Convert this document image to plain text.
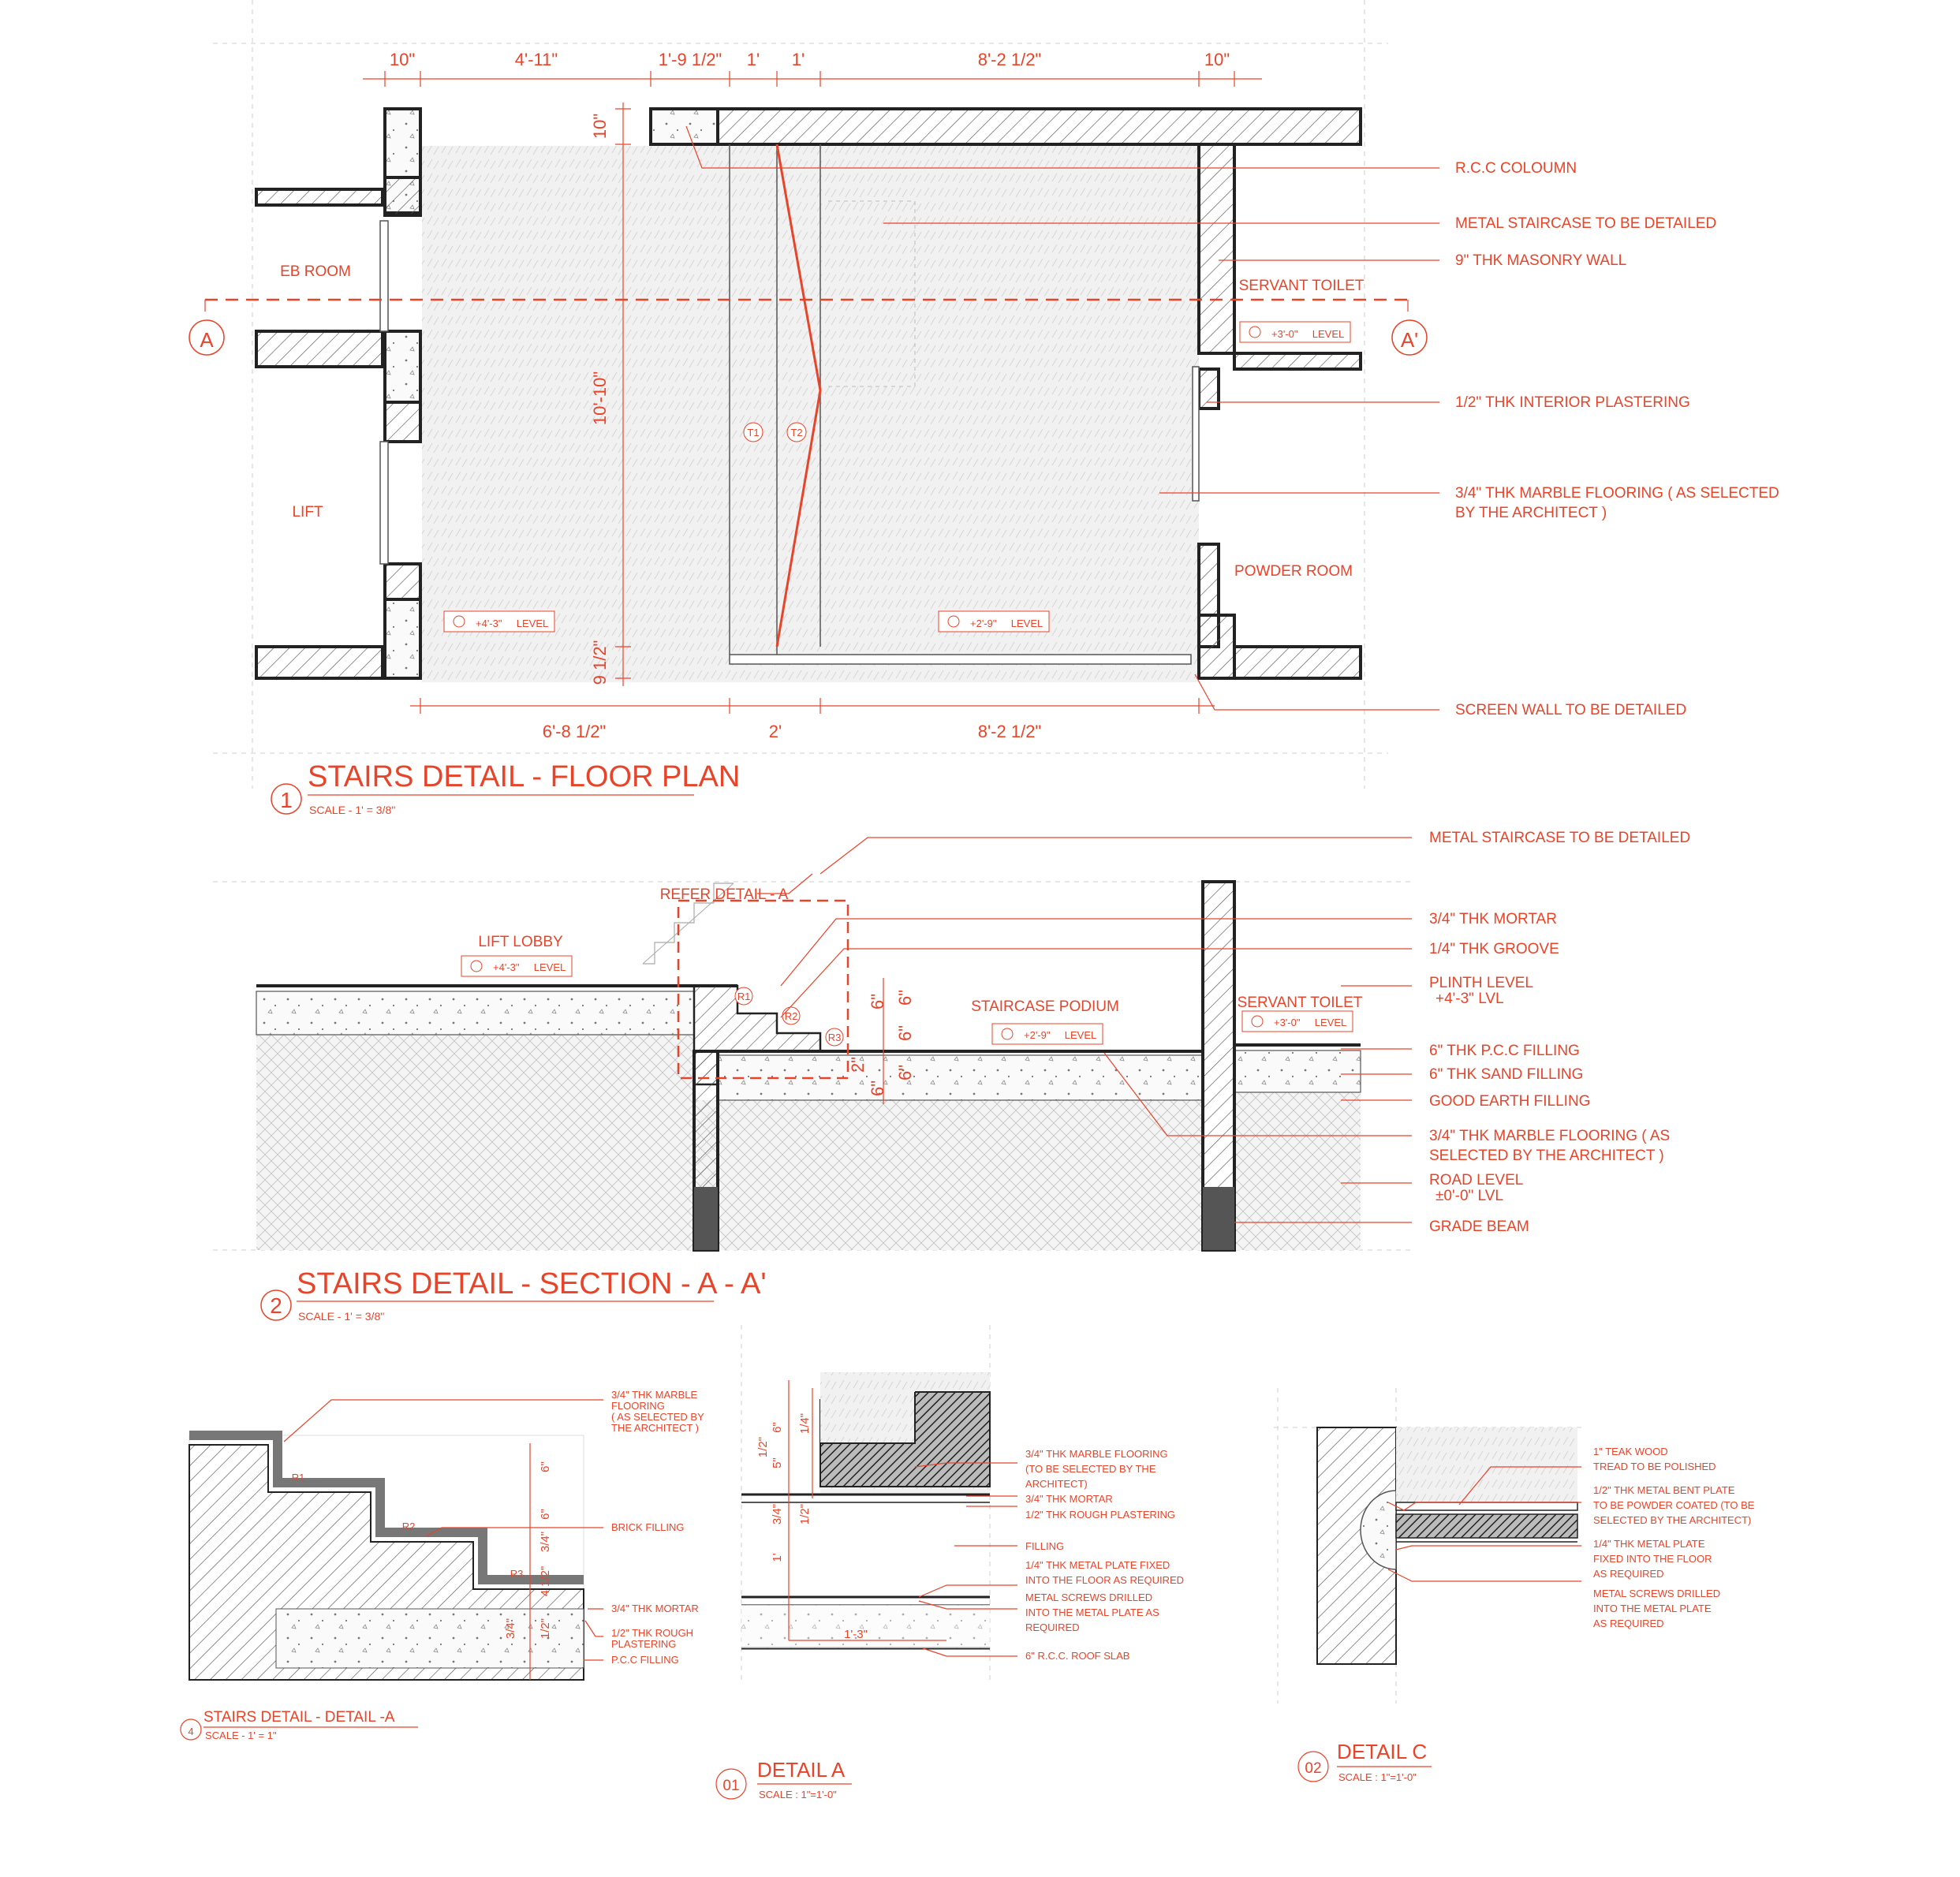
A	A'
T1	T2
10"	4'-11"	1'-9 1/2" 1' 1'	8'-2 1/2"	10"
10"
10'-10"
9 1/2"
6'-8 1/2"	2'	8'-2 1/2"
EB ROOM
LIFT
SERVANT TOILET
POWDER ROOM
+4'-3" LEVEL	+2'-9" LEVEL
+3'-0" LEVEL
R.C.C COLOUMN
METAL STAIRCASE TO BE DETAILED
9" THK MASONRY WALL
1/2" THK INTERIOR PLASTERING
3/4" THK MARBLE FLOORING ( AS SELECTED
BY THE ARCHITECT )
SCREEN WALL TO BE DETAILED
1
STAIRS DETAIL - FLOOR PLAN
SCALE - 1' = 3/8"
REFER DETAIL - A
R1
R2
R3
6"
6"
6"
6"
2"
6"
LIFT LOBBY
STAIRCASE PODIUM	SERVANT TOILET
+4'-3" LEVEL
+2'-9" LEVEL
+3'-0" LEVEL
METAL STAIRCASE TO BE DETAILED
3/4" THK MORTAR
1/4" THK GROOVE
PLINTH LEVEL
+4'-3" LVL
6" THK P.C.C FILLING
6" THK SAND FILLING
GOOD EARTH FILLING
3/4" THK MARBLE FLOORING ( AS
SELECTED BY THE ARCHITECT )
ROAD LEVEL
±0'-0" LVL
GRADE BEAM
2
STAIRS DETAIL - SECTION - A - A'
SCALE - 1' = 3/8"
R1
R2
R3
6"
6"
3/4"
4 1/2"
3/4" 1/2"
3/4" THK MARBLE
FLOORING
( AS SELECTED BY
THE ARCHITECT )
BRICK FILLING
3/4" THK MORTAR
1/2" THK ROUGH
PLASTERING
P.C.C FILLING
4
STAIRS DETAIL - DETAIL -A
SCALE - 1' = 1"
1/2"
6" 1/4"
5"
3/4" 1/2"
1'
1'-3"
3/4" THK MARBLE FLOORING
(TO BE SELECTED BY THE
ARCHITECT)
3/4" THK MORTAR
1/2" THK ROUGH PLASTERING
FILLING
1/4" THK METAL PLATE FIXED
INTO THE FLOOR AS REQUIRED
METAL SCREWS DRILLED
INTO THE METAL PLATE AS
REQUIRED
6" R.C.C. ROOF SLAB
01
DETAIL A
SCALE : 1"=1'-0"
1" TEAK WOOD
TREAD TO BE POLISHED
1/2" THK METAL BENT PLATE
TO BE POWDER COATED (TO BE
SELECTED BY THE ARCHITECT)
1/4" THK METAL PLATE
FIXED INTO THE FLOOR
AS REQUIRED
METAL SCREWS DRILLED
INTO THE METAL PLATE
AS REQUIRED
02
DETAIL C
SCALE : 1"=1'-0"
